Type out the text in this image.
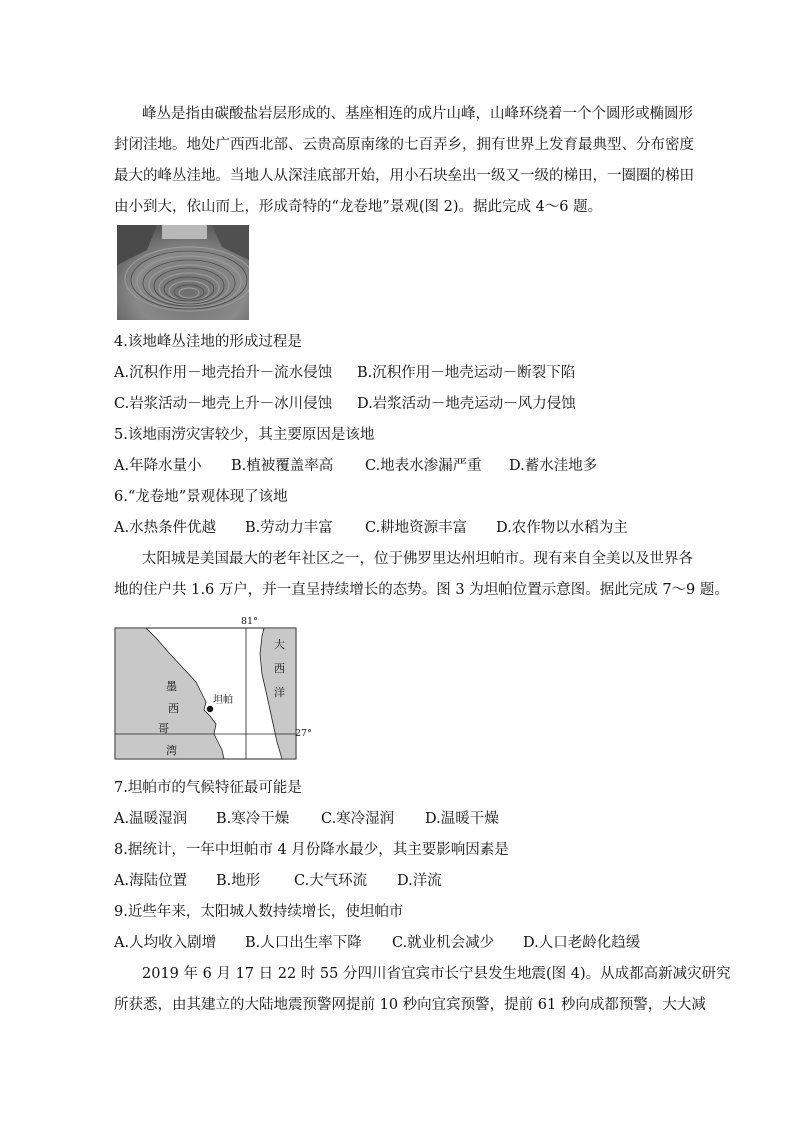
峰丛是指由碳酸盐岩层形成的、基座相连的成片山峰，山峰环绕着一个个圆形或椭圆形
封闭洼地。地处广西西北部、云贵高原南缘的七百弄乡，拥有世界上发育最典型、分布密度
最大的峰丛洼地。当地人从深洼底部开始，用小石块垒出一级又一级的梯田，一圈圈的梯田
由小到大，依山而上，形成奇特的“龙卷地”景观(图 2)。据此完成 4～6 题。
4.该地峰丛洼地的形成过程是
A.沉积作用－地壳抬升－流水侵蚀 B.沉积作用－地壳运动－断裂下陷
C.岩浆活动－地壳上升－冰川侵蚀 D.岩浆活动－地壳运动－风力侵蚀
5.该地雨涝灾害较少，其主要原因是该地
A.年降水量小 B.植被覆盖率高 C.地表水渗漏严重 D.蓄水洼地多
6.“龙卷地”景观体现了该地
A.水热条件优越 B.劳动力丰富 C.耕地资源丰富 D.农作物以水稻为主
太阳城是美国最大的老年社区之一，位于佛罗里达州坦帕市。现有来自全美以及世界各
地的住户共 1.6 万户，并一直呈持续增长的态势。图 3 为坦帕位置示意图。据此完成 7～9 题。
81°
27°
坦帕
墨
西
哥
湾
大
西
洋
7.坦帕市的气候特征最可能是
A.温暖湿润 B.寒冷干燥 C.寒冷湿润 D.温暖干燥
8.据统计，一年中坦帕市 4 月份降水最少，其主要影响因素是
A.海陆位置 B.地形 C.大气环流 D.洋流
9.近些年来，太阳城人数持续增长，使坦帕市
A.人均收入剧增 B.人口出生率下降 C.就业机会减少 D.人口老龄化趋缓
2019 年 6 月 17 日 22 时 55 分四川省宜宾市长宁县发生地震(图 4)。从成都高新减灾研究
所获悉，由其建立的大陆地震预警网提前 10 秒向宜宾预警，提前 61 秒向成都预警，大大减
